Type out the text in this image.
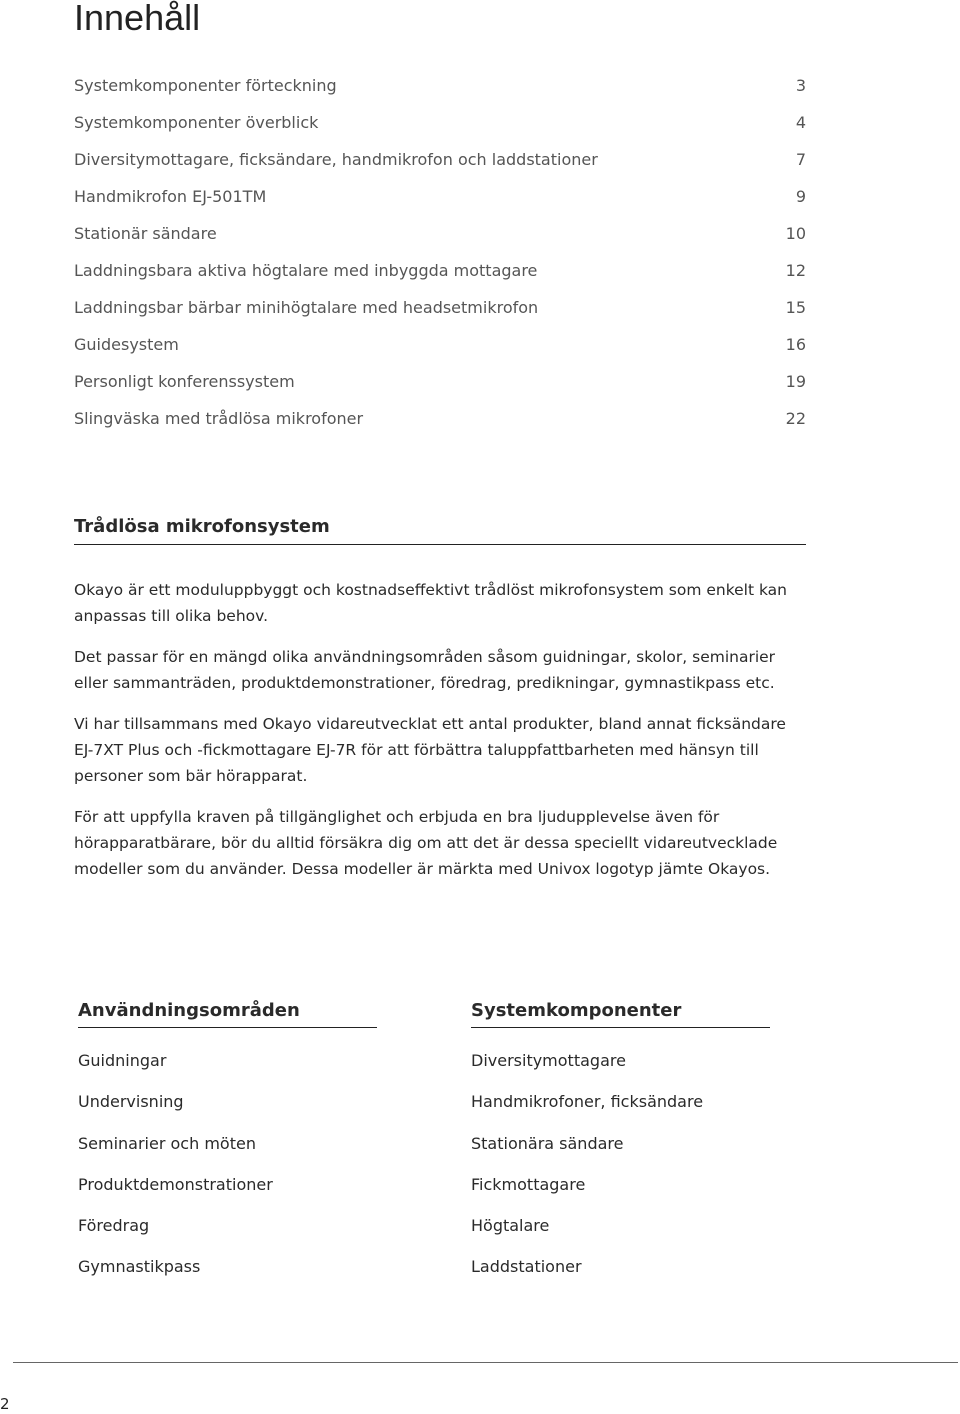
Innehåll
Systemkomponenter förteckning	3
Systemkomponenter överblick	4
Diversitymottagare, ficksändare, handmikrofon och laddstationer	7
Handmikrofon EJ-501TM	9
Stationär sändare	10
Laddningsbara aktiva högtalare med inbyggda mottagare	12
Laddningsbar bärbar minihögtalare med headsetmikrofon	15
Guidesystem	16
Personligt konferenssystem	19
Slingväska med trådlösa mikrofoner	22
Trådlösa mikrofonsystem

Okayo är ett moduluppbyggt och kostnadseffektivt trådlöst mikrofonsystem som enkelt kan anpassas till olika behov.

Det passar för en mängd olika användningsområden såsom guidningar, skolor, seminarier eller sammanträden, produktdemonstrationer, föredrag, predikningar, gymnastikpass etc.

Vi har tillsammans med Okayo vidareutvecklat ett antal produkter, bland annat ficksändare EJ-7XT Plus och -fickmottagare EJ-7R för att förbättra taluppfattbarheten med hänsyn till personer som bär hörapparat.

För att uppfylla kraven på tillgänglighet och erbjuda en bra ljudupplevelse även för hörapparatbärare, bör du alltid försäkra dig om att det är dessa speciellt vidareutvecklade modeller som du använder. Dessa modeller är märkta med Univox logotyp jämte Okayos.

Användningsområden
Guidningar
Undervisning
Seminarier och möten
Produktdemonstrationer
Föredrag
Gymnastikpass
Systemkomponenter
Diversitymottagare
Handmikrofoner, ficksändare
Stationära sändare
Fickmottagare
Högtalare
Laddstationer
2
